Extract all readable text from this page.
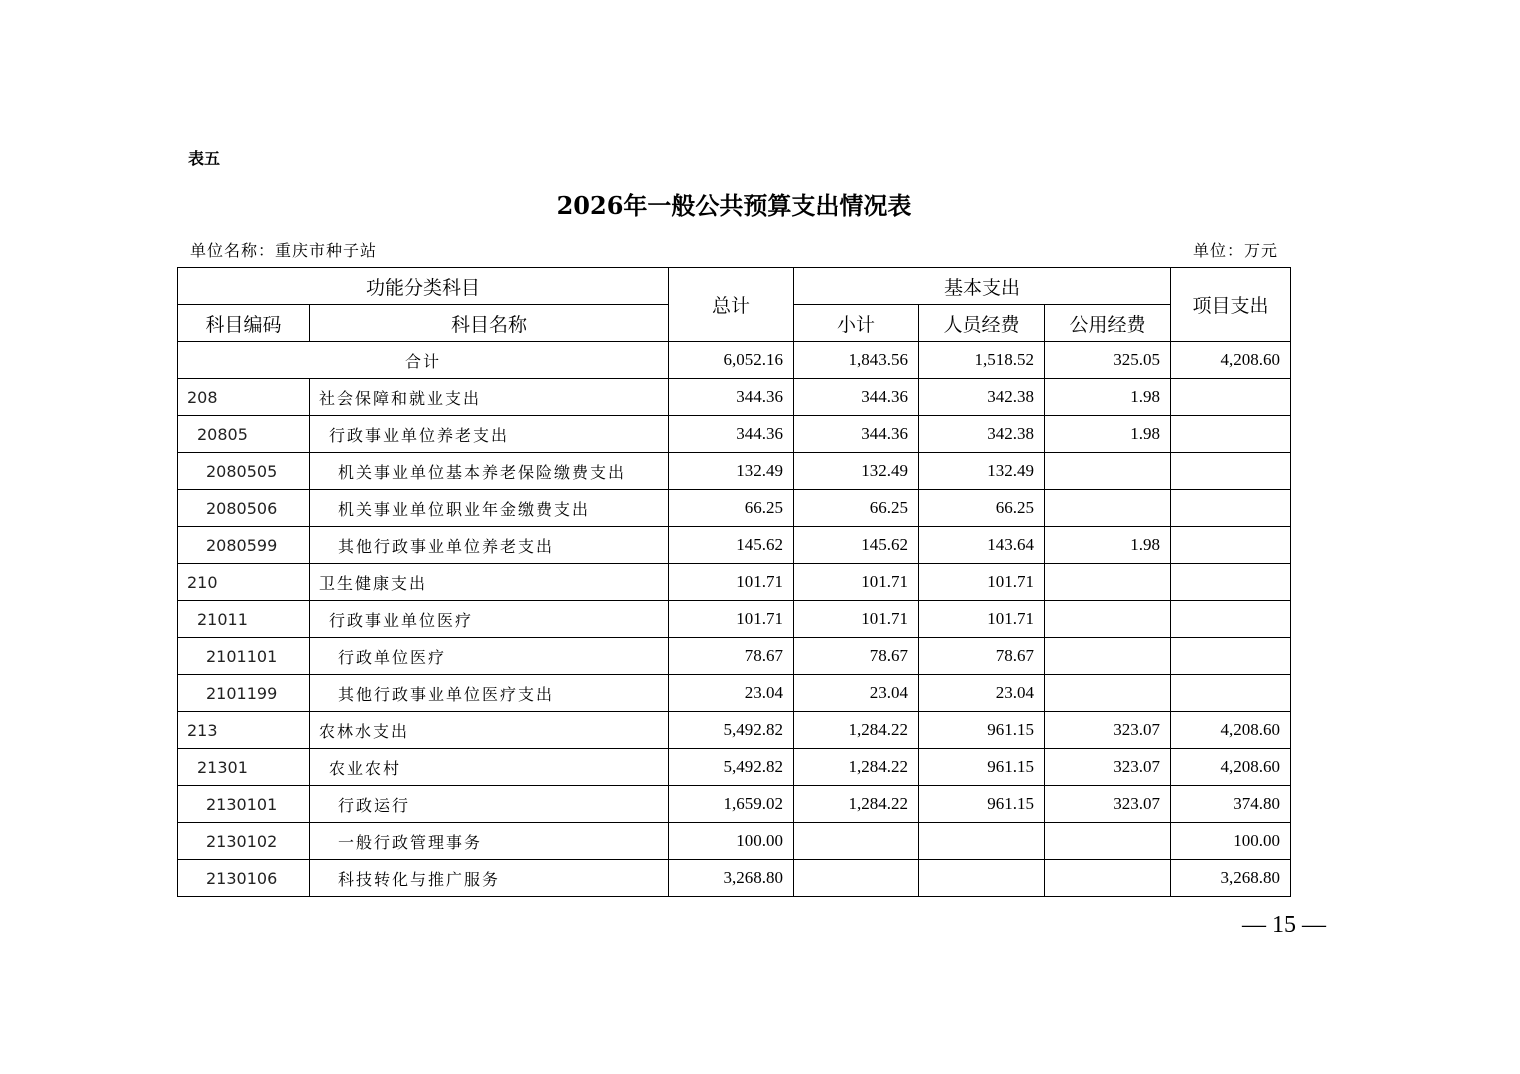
表五
2026年一般公共预算支出情况表
单位名称：重庆市种子站	单位：万元
功能分类科目		总计	基本支出			项目支出
科目编码	科目名称		小计	人员经费	公用经费	
合计		6,052.16	1,843.56	1,518.52	325.05	4,208.60
208	社会保障和就业支出	344.36	344.36	342.38	1.98	
20805	行政事业单位养老支出	344.36	344.36	342.38	1.98	
2080505	机关事业单位基本养老保险缴费支出	132.49	132.49	132.49		
2080506	机关事业单位职业年金缴费支出	66.25	66.25	66.25		
2080599	其他行政事业单位养老支出	145.62	145.62	143.64	1.98	
210	卫生健康支出	101.71	101.71	101.71		
21011	行政事业单位医疗	101.71	101.71	101.71		
2101101	行政单位医疗	78.67	78.67	78.67		
2101199	其他行政事业单位医疗支出	23.04	23.04	23.04		
213	农林水支出	5,492.82	1,284.22	961.15	323.07	4,208.60
21301	农业农村	5,492.82	1,284.22	961.15	323.07	4,208.60
2130101	行政运行	1,659.02	1,284.22	961.15	323.07	374.80
2130102	一般行政管理事务	100.00				100.00
2130106	科技转化与推广服务	3,268.80				3,268.80
— 15 —
